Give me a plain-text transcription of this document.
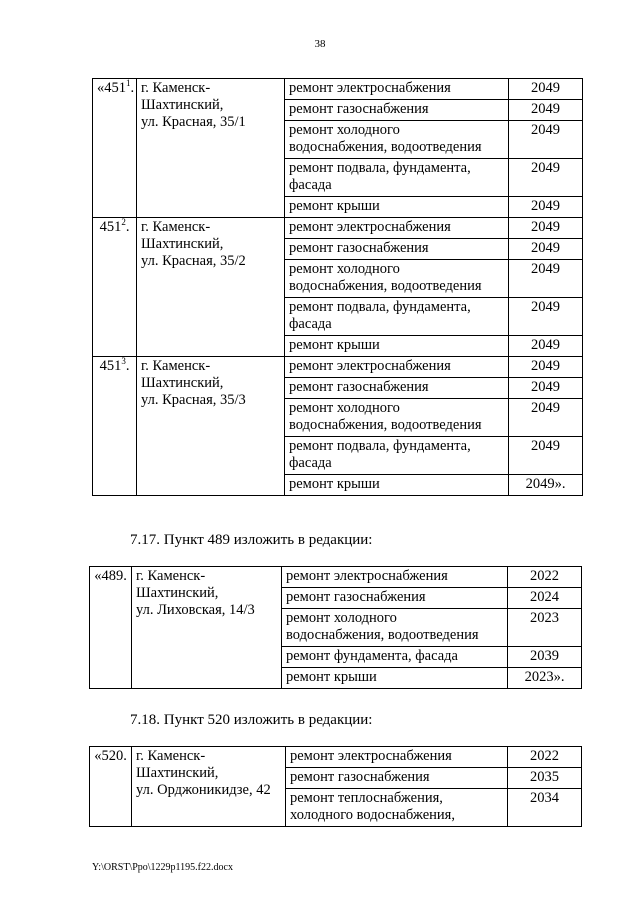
38
«$451^1$.	г. Каменск-
Шахтинский,
ул. Красная, 35/1	ремонт электроснабжения	2049
		ремонт газоснабжения	2049
		ремонт холодного
водоснабжения, водоотведения	2049
		ремонт подвала, фундамента,
фасада	2049
		ремонт крыши	2049
$451^2$.	г. Каменск-
Шахтинский,
ул. Красная, 35/2	ремонт электроснабжения	2049
		ремонт газоснабжения	2049
		ремонт холодного
водоснабжения, водоотведения	2049
		ремонт подвала, фундамента,
фасада	2049
		ремонт крыши	2049
$451^3$.	г. Каменск-
Шахтинский,
ул. Красная, 35/3	ремонт электроснабжения	2049
		ремонт газоснабжения	2049
		ремонт холодного
водоснабжения, водоотведения	2049
		ремонт подвала, фундамента,
фасада	2049
		ремонт крыши	2049».
7.17. Пункт 489 изложить в редакции:
«489.	г. Каменск-
Шахтинский,
ул. Лиховская, 14/3	ремонт электроснабжения	2022
		ремонт газоснабжения	2024
		ремонт холодного
водоснабжения, водоотведения	2023
		ремонт фундамента, фасада	2039
		ремонт крыши	2023».
7.18. Пункт 520 изложить в редакции:
«520.	г. Каменск-
Шахтинский,
ул. Орджоникидзе, 42	ремонт электроснабжения	2022
		ремонт газоснабжения	2035
		ремонт теплоснабжения,
холодного водоснабжения,	2034
Y:\ORST\Ppo\1229p1195.f22.docx
